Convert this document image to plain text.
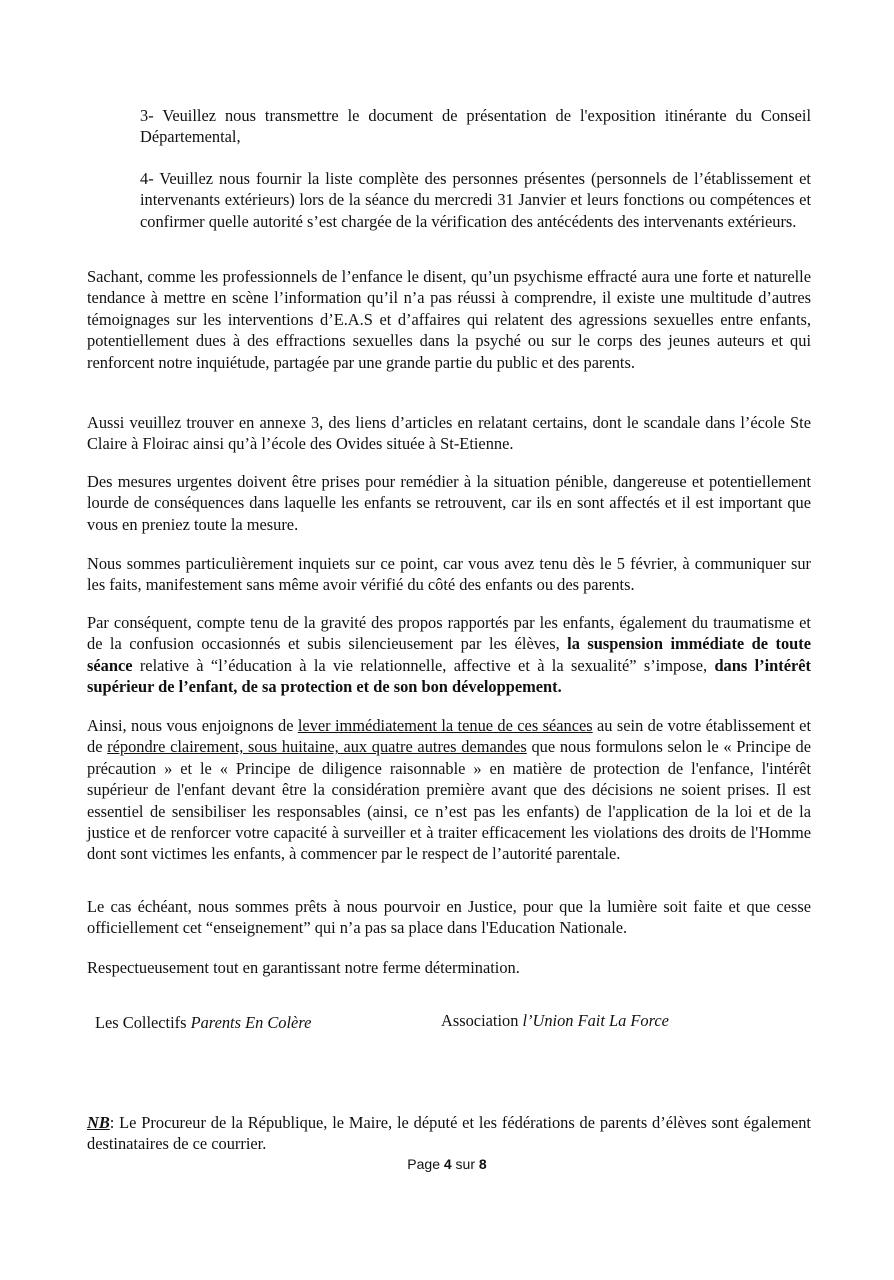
3- Veuillez nous transmettre le document de présentation de l'exposition itinérante du Conseil Départemental,

4- Veuillez nous fournir la liste complète des personnes présentes (personnels de l’établissement et intervenants extérieurs) lors de la séance du mercredi 31 Janvier et leurs fonctions ou compétences et confirmer quelle autorité s’est chargée de la vérification des antécédents des intervenants extérieurs.

Sachant, comme les professionnels de l’enfance le disent, qu’un psychisme effracté aura une forte et naturelle tendance à mettre en scène l’information qu’il n’a pas réussi à comprendre, il existe une multitude d’autres témoignages sur les interventions d’E.A.S et d’affaires qui relatent des agressions sexuelles entre enfants, potentiellement dues à des effractions sexuelles dans la psyché ou sur le corps des jeunes auteurs et qui renforcent notre inquiétude, partagée par une grande partie du public et des parents.

Aussi veuillez trouver en annexe 3, des liens d’articles en relatant certains, dont le scandale dans l’école Ste Claire à Floirac ainsi qu’à l’école des Ovides située à St-Etienne.

Des mesures urgentes doivent être prises pour remédier à la situation pénible, dangereuse et potentiellement lourde de conséquences dans laquelle les enfants se retrouvent, car ils en sont affectés et il est important que vous en preniez toute la mesure.

Nous sommes particulièrement inquiets sur ce point, car vous avez tenu dès le 5 février, à communiquer sur les faits, manifestement sans même avoir vérifié du côté des enfants ou des parents.

Par conséquent, compte tenu de la gravité des propos rapportés par les enfants, également du traumatisme et de la confusion occasionnés et subis silencieusement par les élèves, la suspension immédiate de toute séance relative à “l’éducation à la vie relationnelle, affective et à la sexualité” s’impose, dans l’intérêt supérieur de l’enfant, de sa protection et de son bon développement.

Ainsi, nous vous enjoignons de lever immédiatement la tenue de ces séances au sein de votre établissement et de répondre clairement, sous huitaine, aux quatre autres demandes que nous formulons selon le « Principe de précaution » et le « Principe de diligence raisonnable » en matière de protection de l'enfance, l'intérêt supérieur de l'enfant devant être la considération première avant que des décisions ne soient prises. Il est essentiel de sensibiliser les responsables (ainsi, ce n’est pas les enfants) de l'application de la loi et de la justice et de renforcer votre capacité à surveiller et à traiter efficacement les violations des droits de l'Homme dont sont victimes les enfants, à commencer par le respect de l’autorité parentale.

Le cas échéant, nous sommes prêts à nous pourvoir en Justice, pour que la lumière soit faite et que cesse officiellement cet “enseignement” qui n’a pas sa place dans l'Education Nationale.

Respectueusement tout en garantissant notre ferme détermination.

Les Collectifs Parents En Colère	Association l’Union Fait La Force

NB: Le Procureur de la République, le Maire, le député et les fédérations de parents d’élèves sont également destinataires de ce courrier.

Page 4 sur 8
